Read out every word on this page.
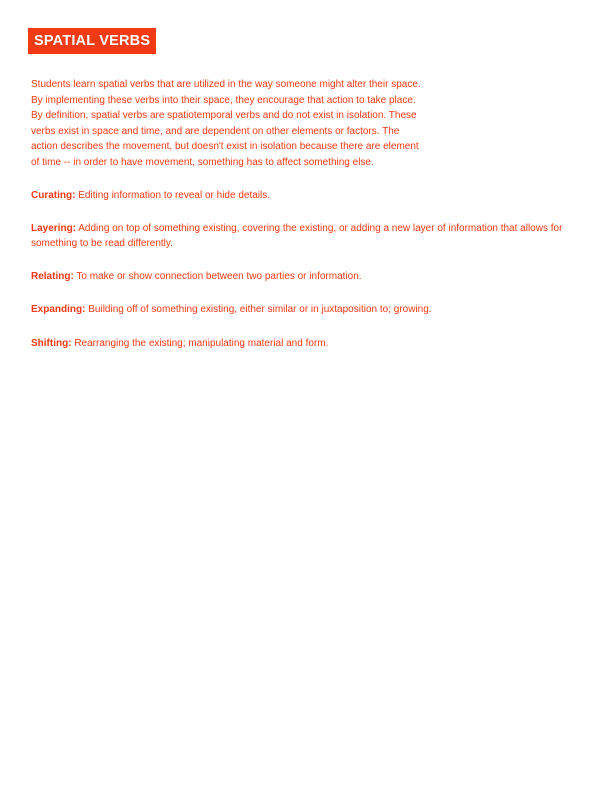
SPATIAL VERBS

Students learn spatial verbs that are utilized in the way someone might alter their space.
By implementing these verbs into their space, they encourage that action to take place.
By definition, spatial verbs are spatiotemporal verbs and do not exist in isolation. These
verbs exist in space and time, and are dependent on other elements or factors. The
action describes the movement, but doesn't exist in isolation because there are element
of time -- in order to have movement, something has to affect something else.

Curating: Editing information to reveal or hide details.

Layering: Adding on top of something existing, covering the existing, or adding a new layer of information that allows for something to be read differently.

Relating: To make or show connection between two parties or information.

Expanding: Building off of something existing, either similar or in juxtaposition to; growing.

Shifting: Rearranging the existing; manipulating material and form.
